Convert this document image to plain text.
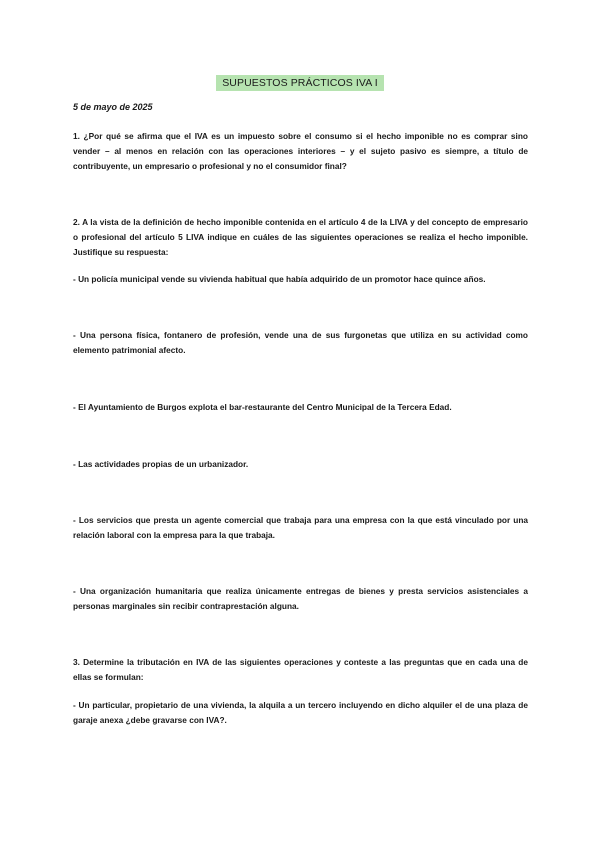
SUPUESTOS PRÁCTICOS IVA I
5 de mayo de 2025
1. ¿Por qué se afirma que el IVA es un impuesto sobre el consumo si el hecho imponible no es comprar sino vender – al menos en relación con las operaciones interiores – y el sujeto pasivo es siempre, a título de contribuyente, un empresario o profesional y no el consumidor final?
2. A la vista de la definición de hecho imponible contenida en el artículo 4 de la LIVA y del concepto de empresario o profesional del artículo 5 LIVA indique en cuáles de las siguientes operaciones se realiza el hecho imponible. Justifique su respuesta:
- Un policía municipal vende su vivienda habitual que había adquirido de un promotor hace quince años.
- Una persona física, fontanero de profesión, vende una de sus furgonetas que utiliza en su actividad como elemento patrimonial afecto.
- El Ayuntamiento de Burgos explota el bar-restaurante del Centro Municipal de la Tercera Edad.
- Las actividades propias de un urbanizador.
- Los servicios que presta un agente comercial que trabaja para una empresa con la que está vinculado por una relación laboral con la empresa para la que trabaja.
- Una organización humanitaria que realiza únicamente entregas de bienes y presta servicios asistenciales a personas marginales sin recibir contraprestación alguna.
3. Determine la tributación en IVA de las siguientes operaciones y conteste a las preguntas que en cada una de ellas se formulan:
- Un particular, propietario de una vivienda, la alquila a un tercero incluyendo en dicho alquiler el de una plaza de garaje anexa ¿debe gravarse con IVA?.
